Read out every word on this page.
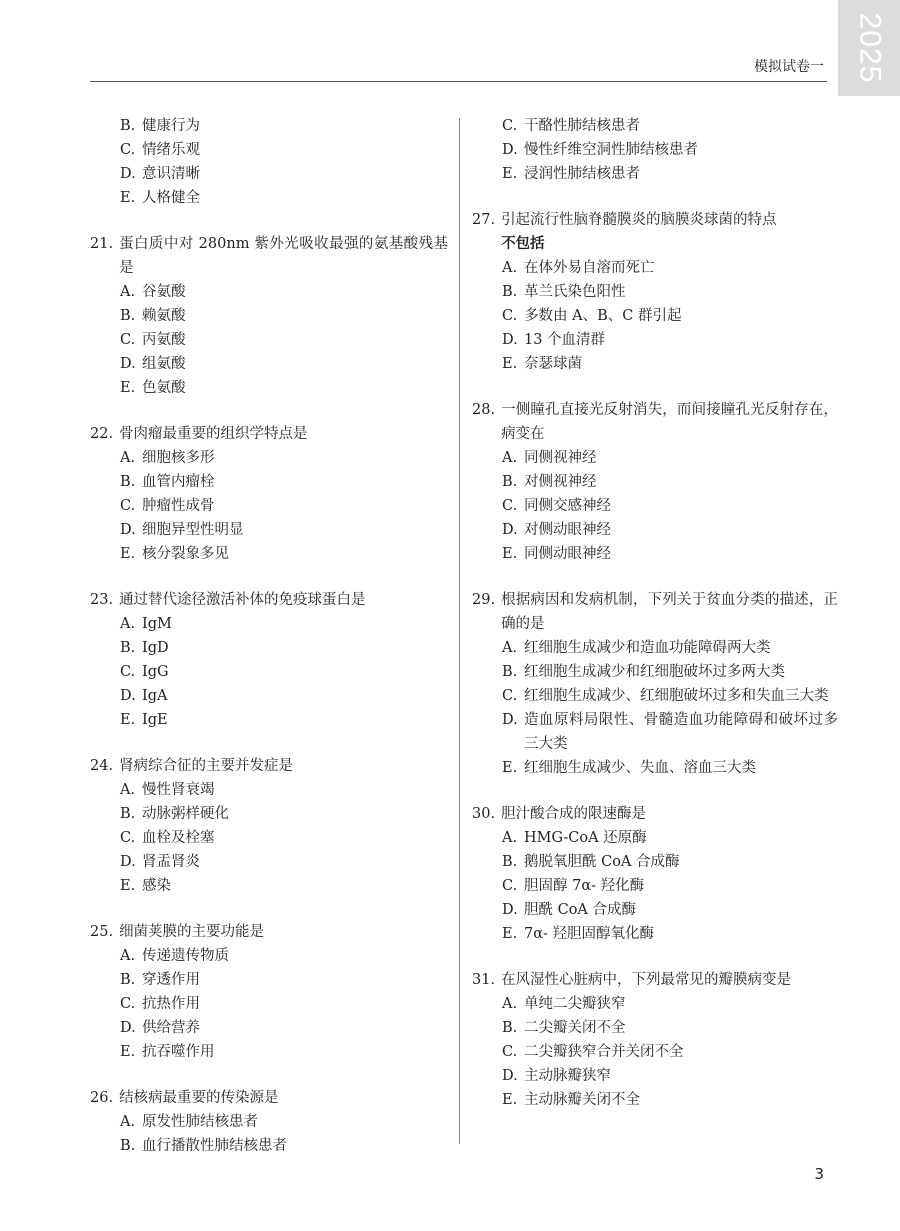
2025
模拟试卷一
B. 健康行为
C. 情绪乐观
D. 意识清晰
E. 人格健全
21. 蛋白质中对 280nm 紫外光吸收最强的氨基酸残基是
A. 谷氨酸
B. 赖氨酸
C. 丙氨酸
D. 组氨酸
E. 色氨酸
22. 骨肉瘤最重要的组织学特点是
A. 细胞核多形
B. 血管内瘤栓
C. 肿瘤性成骨
D. 细胞异型性明显
E. 核分裂象多见
23. 通过替代途径激活补体的免疫球蛋白是
A. IgM
B. IgD
C. IgG
D. IgA
E. IgE
24. 肾病综合征的主要并发症是
A. 慢性肾衰竭
B. 动脉粥样硬化
C. 血栓及栓塞
D. 肾盂肾炎
E. 感染
25. 细菌荚膜的主要功能是
A. 传递遗传物质
B. 穿透作用
C. 抗热作用
D. 供给营养
E. 抗吞噬作用
26. 结核病最重要的传染源是
A. 原发性肺结核患者
B. 血行播散性肺结核患者
C. 干酪性肺结核患者
D. 慢性纤维空洞性肺结核患者
E. 浸润性肺结核患者
27. 引起流行性脑脊髓膜炎的脑膜炎球菌的特点
不包括
A. 在体外易自溶而死亡
B. 革兰氏染色阳性
C. 多数由 A、B、C 群引起
D. 13 个血清群
E. 奈瑟球菌
28. 一侧瞳孔直接光反射消失，而间接瞳孔光反射存在，病变在
A. 同侧视神经
B. 对侧视神经
C. 同侧交感神经
D. 对侧动眼神经
E. 同侧动眼神经
29. 根据病因和发病机制，下列关于贫血分类的描述，正确的是
A. 红细胞生成减少和造血功能障碍两大类
B. 红细胞生成减少和红细胞破坏过多两大类
C. 红细胞生成减少、红细胞破坏过多和失血三大类
D. 造血原料局限性、骨髓造血功能障碍和破坏过多三大类
E. 红细胞生成减少、失血、溶血三大类
30. 胆汁酸合成的限速酶是
A. HMG-CoA 还原酶
B. 鹅脱氧胆酰 CoA 合成酶
C. 胆固醇 7α- 羟化酶
D. 胆酰 CoA 合成酶
E. 7α- 羟胆固醇氧化酶
31. 在风湿性心脏病中，下列最常见的瓣膜病变是
A. 单纯二尖瓣狭窄
B. 二尖瓣关闭不全
C. 二尖瓣狭窄合并关闭不全
D. 主动脉瓣狭窄
E. 主动脉瓣关闭不全
3
